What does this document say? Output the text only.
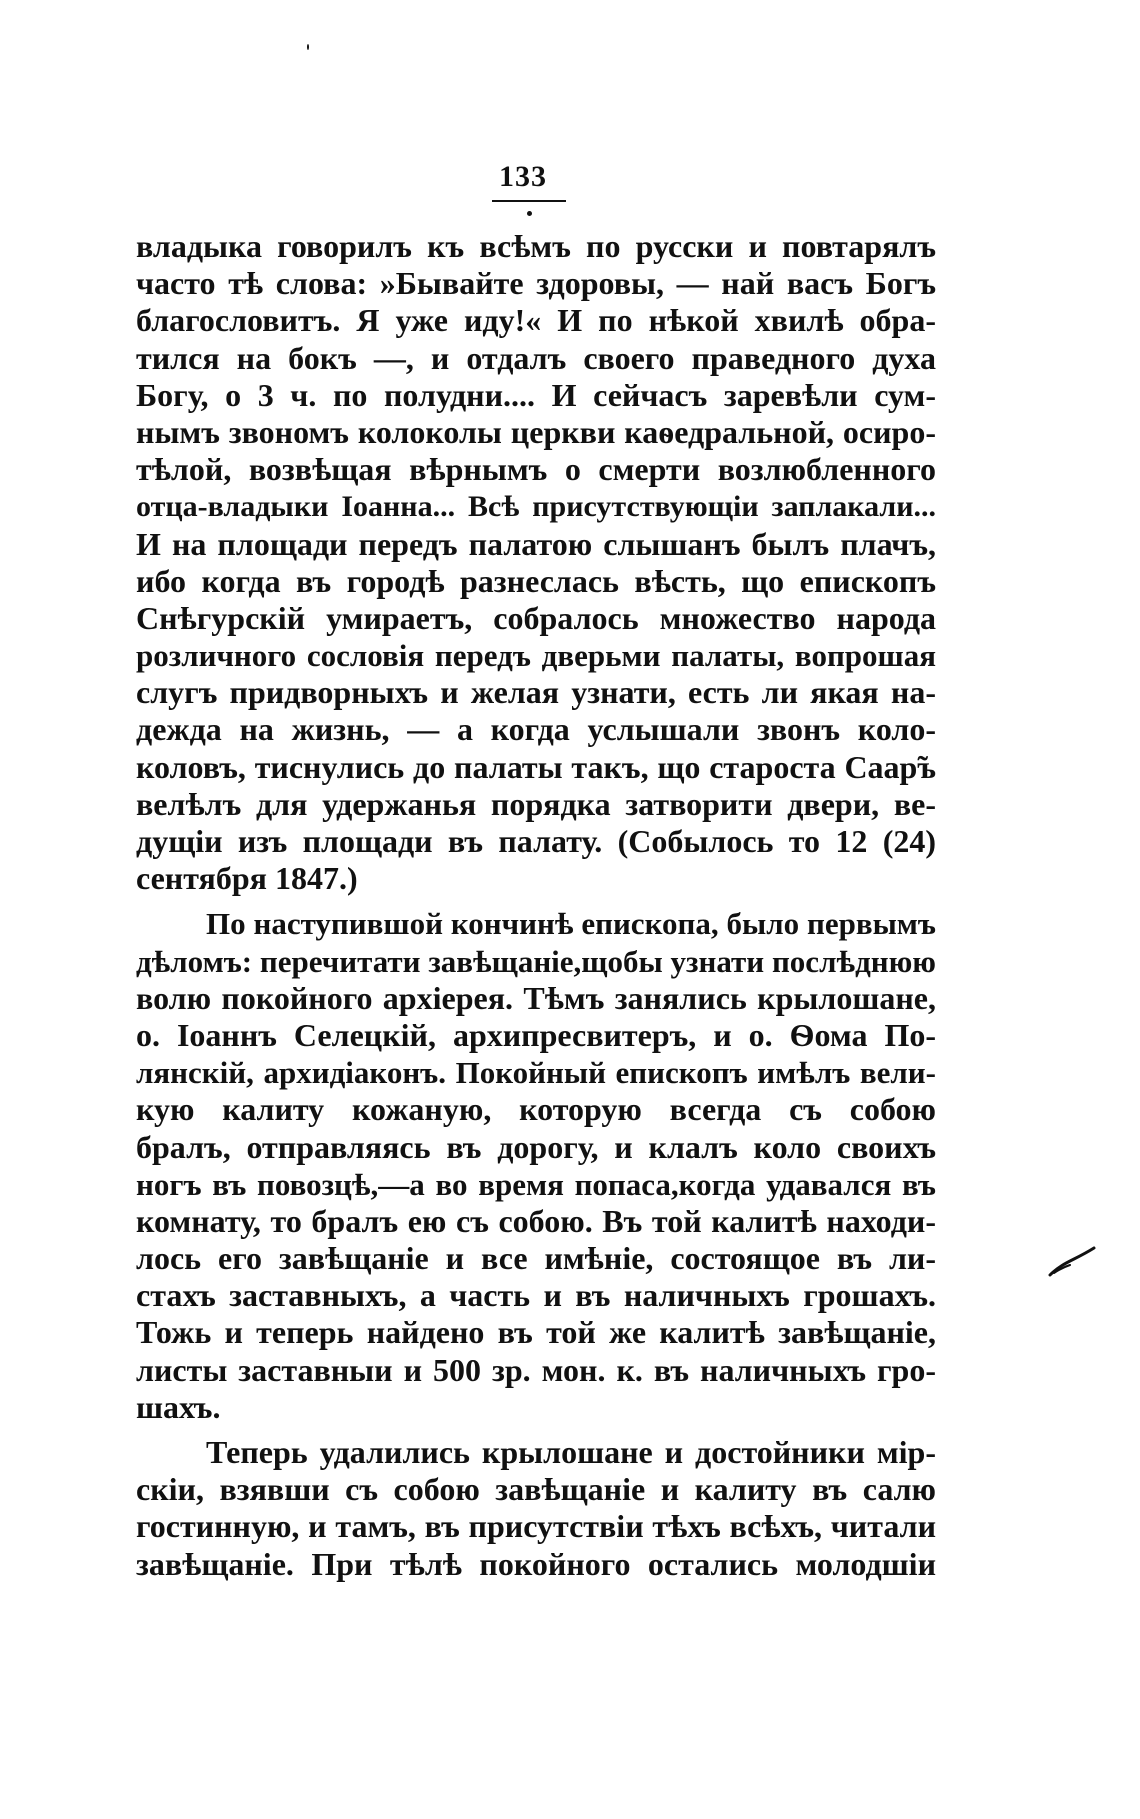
133
владыка говорилъ къ всѣмъ по русски и повтарялъ
часто тѣ слова: »Бывайте здоровы, — най васъ Богъ
благословитъ. Я уже иду!« И по нѣкой хвилѣ обра-
тился на бокъ —, и отдалъ своего праведного духа
Богу, о 3 ч. по полудни.... И сейчасъ заревѣли сум-
нымъ звономъ колоколы церкви каѳедральной, осиро-
тѣлой, возвѣщая вѣрнымъ о смерти возлюбленного
отца-владыки Іоанна... Всѣ присутствующіи заплакали...
И на площади передъ палатою слышанъ былъ плачъ,
ибо когда въ городѣ разнеслась вѣсть, що епископъ
Снѣгурскій умираетъ, собралось множество народа
розличного сословія передъ дверьми палаты, вопрошая
слугъ придворныхъ и желая узнати, есть ли якая на-
дежда на жизнь, — а когда услышали звонъ коло-
коловъ, тиснулись до палаты такъ, що староста Саар̃ъ
велѣлъ для удержанья порядка затворити двери, ве-
дущіи изъ площади въ палату. (Собылось то 12 (24)
сентября 1847.)
По наступившой кончинѣ епископа, было первымъ
дѣломъ: перечитати завѣщаніе,щобы узнати послѣднюю
волю покойного архіерея. Тѣмъ занялись крылошане,
о. Іоаннъ Селецкій, архипресвитеръ, и о. Ѳома По-
лянскій, архидіаконъ. Покойный епископъ имѣлъ вели-
кую калиту кожаную, которую всегда съ собою
бралъ, отправляясь въ дорогу, и клалъ коло своихъ
ногъ въ повозцѣ,—а во время попаса,когда удавался въ
комнату, то бралъ ею съ собою. Въ той калитѣ находи-
лось его завѣщаніе и все имѣніе, состоящое въ ли-
стахъ заставныхъ, а часть и въ наличныхъ грошахъ.
Тожь и теперь найдено въ той же калитѣ завѣщаніе,
листы заставныи и 500 зр. мон. к. въ наличныхъ гро-
шахъ.
Теперь удалились крылошане и достойники мір-
скіи, взявши съ собою завѣщаніе и калиту въ салю
гостинную, и тамъ, въ присутствіи тѣхъ всѣхъ, читали
завѣщаніе. При тѣлѣ покойного остались молодшіи
